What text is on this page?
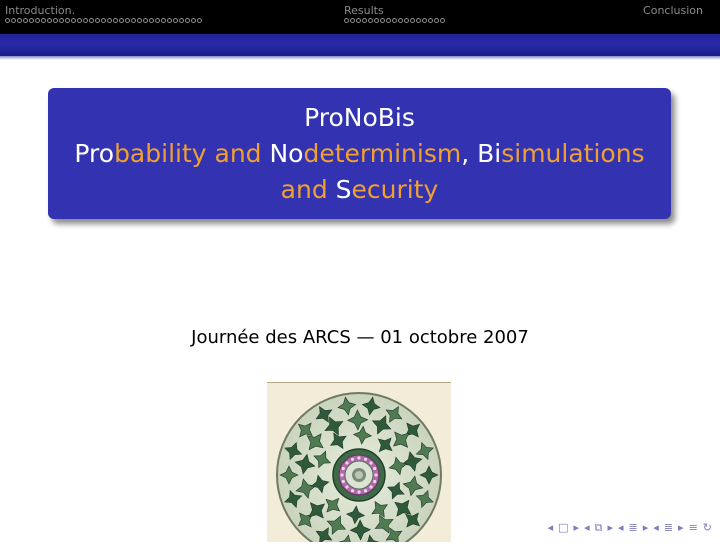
Introduction.	Results	Conclusion
ProNoBis
Probability and Nodeterminism, Bisimulations
and Security
Journée des ARCS — 01 octobre 2007
◂ □ ▸ ◂ ⧉ ▸ ◂ ≣ ▸ ◂ ≣ ▸ ≡ ↻
